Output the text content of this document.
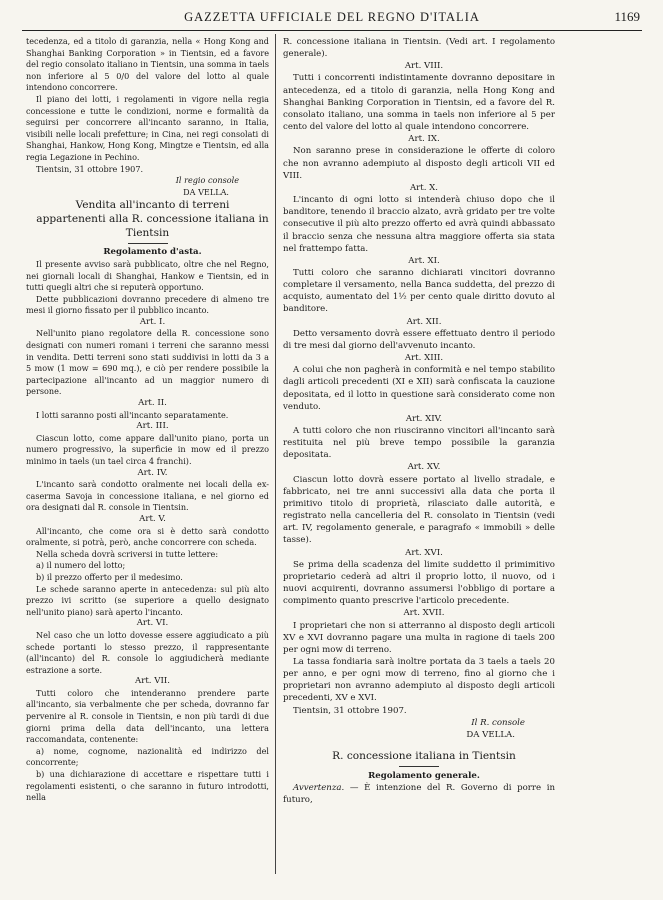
GAZZETTA UFFICIALE DEL REGNO D'ITALIA	1169

tecedenza, ed a titolo di garanzia, nella « Hong Kong and Shanghai Banking Corporation » in Tientsin, ed a favore del regio consolato italiano in Tientsin, una somma in taels non inferiore al 5 0/0 del valore del lotto al quale intendono concorrere.

Il piano dei lotti, i regolamenti in vigore nella regia concessione e tutte le condizioni, norme e formalità da seguirsi per concorrere all'incanto saranno, in Italia, visibili nelle locali prefetture; in Cina, nei regi consolati di Shanghai, Hankow, Hong Kong, Mingtze e Tientsin, ed alla regia Legazione in Pechino.

Tientsin, 31 ottobre 1907.

Il regio console

DA VELLA.

Vendita all'incanto di terreni

appartenenti alla R. concessione italiana in Tientsin

Regolamento d'asta.

Il presente avviso sarà pubblicato, oltre che nel Regno, nei giornali locali di Shanghai, Hankow e Tientsin, ed in tutti quegli altri che si reputerà opportuno.

Dette pubblicazioni dovranno precedere di almeno tre mesi il giorno fissato per il pubblico incanto.

Art. I.

Nell'unito piano regolatore della R. concessione sono designati con numeri romani i terreni che saranno messi in vendita. Detti terreni sono stati suddivisi in lotti da 3 a 5 mow (1 mow = 690 mq.), e ciò per rendere possibile la partecipazione all'incanto ad un maggior numero di persone.

Art. II.

I lotti saranno posti all'incanto separatamente.

Art. III.

Ciascun lotto, come appare dall'unito piano, porta un numero progressivo, la superficie in mow ed il prezzo minimo in taels (un tael circa 4 franchi).

Art. IV.

L'incanto sarà condotto oralmente nei locali della ex-caserma Savoja in concessione italiana, e nel giorno ed ora designati dal R. console in Tientsin.

Art. V.

All'incanto, che come ora si è detto sarà condotto oralmente, si potrà, però, anche concorrere con scheda.

Nella scheda dovrà scriversi in tutte lettere:

a) il numero del lotto;

b) il prezzo offerto per il medesimo.

Le schede saranno aperte in antecedenza: sul più alto prezzo ivi scritto (se superiore a quello designato nell'unito piano) sarà aperto l'incanto.

Art. VI.

Nel caso che un lotto dovesse essere aggiudicato a più schede portanti lo stesso prezzo, il rappresentante (all'incanto) del R. console lo aggiudicherà mediante estrazione a sorte.

Art. VII.

Tutti coloro che intenderanno prendere parte all'incanto, sia verbalmente che per scheda, dovranno far pervenire al R. console in Tientsin, e non più tardi di due giorni prima della data dell'incanto, una lettera raccomandata, contenente:

a) nome, cognome, nazionalità ed indirizzo del concorrente;

b) una dichiarazione di accettare e rispettare tutti i regolamenti esistenti, o che saranno in futuro introdotti, nella

R. concessione italiana in Tientsin. (Vedi art. I regolamento generale).

Art. VIII.

Tutti i concorrenti indistintamente dovranno depositare in antecedenza, ed a titolo di garanzia, nella Hong Kong and Shanghai Banking Corporation in Tientsin, ed a favore del R. consolato italiano, una somma in taels non inferiore al 5 per cento del valore del lotto al quale intendono concorrere.

Art. IX.

Non saranno prese in considerazione le offerte di coloro che non avranno adempiuto al disposto degli articoli VII ed VIII.

Art. X.

L'incanto di ogni lotto si intenderà chiuso dopo che il banditore, tenendo il braccio alzato, avrà gridato per tre volte consecutive il più alto prezzo offerto ed avrà quindi abbassato il braccio senza che nessuna altra maggiore offerta sia stata nel frattempo fatta.

Art. XI.

Tutti coloro che saranno dichiarati vincitori dovranno completare il versamento, nella Banca suddetta, del prezzo di acquisto, aumentato del 1½ per cento quale diritto dovuto al banditore.

Art. XII.

Detto versamento dovrà essere effettuato dentro il periodo di tre mesi dal giorno dell'avvenuto incanto.

Art. XIII.

A colui che non pagherà in conformità e nel tempo stabilito dagli articoli precedenti (XI e XII) sarà confiscata la cauzione depositata, ed il lotto in questione sarà considerato come non venduto.

Art. XIV.

A tutti coloro che non riusciranno vincitori all'incanto sarà restituita nel più breve tempo possibile la garanzia depositata.

Art. XV.

Ciascun lotto dovrà essere portato al livello stradale, e fabbricato, nei tre anni successivi alla data che porta il primitivo titolo di proprietà, rilasciato dalle autorità, e registrato nella cancelleria del R. consolato in Tientsin (vedi art. IV, regolamento generale, e paragrafo « immobili » delle tasse).

Art. XVI.

Se prima della scadenza del limite suddetto il primimitivo proprietario cederà ad altri il proprio lotto, il nuovo, od i nuovi acquirenti, dovranno assumersi l'obbligo di portare a compimento quanto prescrive l'articolo precedente.

Art. XVII.

I proprietari che non si atterranno al disposto degli articoli XV e XVI dovranno pagare una multa in ragione di taels 200 per ogni mow di terreno.

La tassa fondiaria sarà inoltre portata da 3 taels a taels 20 per anno, e per ogni mow di terreno, fino al giorno che i proprietari non avranno adempiuto al disposto degli articoli precedenti, XV e XVI.

Tientsin, 31 ottobre 1907.

Il R. console

DA VELLA.

R. concessione italiana in Tientsin

Regolamento generale.

Avvertenza. — È intenzione del R. Governo di porre in futuro,
